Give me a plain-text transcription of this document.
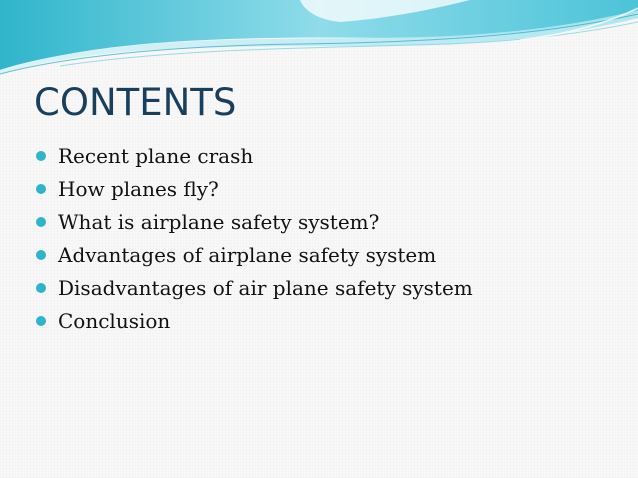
CONTENTS
Recent plane crash
How planes fly?
What is airplane safety system?
Advantages of airplane safety system
Disadvantages of air plane safety system
Conclusion
